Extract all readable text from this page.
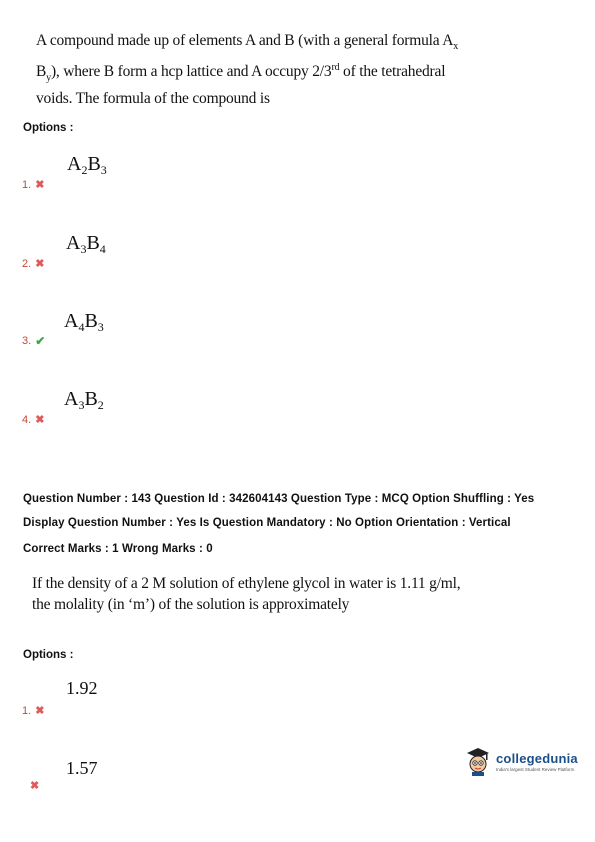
A compound made up of elements A and B (with a general formula $A_x$ $B_y$), where B form a hcp lattice and A occupy 2/3rd of the tetrahedral voids. The formula of the compound is
Options :
$A_2B_3$
1. ✖
$A_3B_4$
2. ✖
$A_4B_3$
3. ✔
$A_3B_2$
4. ✖
Question Number : 143 Question Id : 342604143 Question Type : MCQ Option Shuffling : Yes
Display Question Number : Yes Is Question Mandatory : No Option Orientation : Vertical
Correct Marks : 1 Wrong Marks : 0
If the density of a 2 M solution of ethylene glycol in water is 1.11 g/ml, the molality (in ‘m’) of the solution is approximately
Options :
1.92
1. ✖
1.57
✖
collegedunia
India's largest Student Review Platform
